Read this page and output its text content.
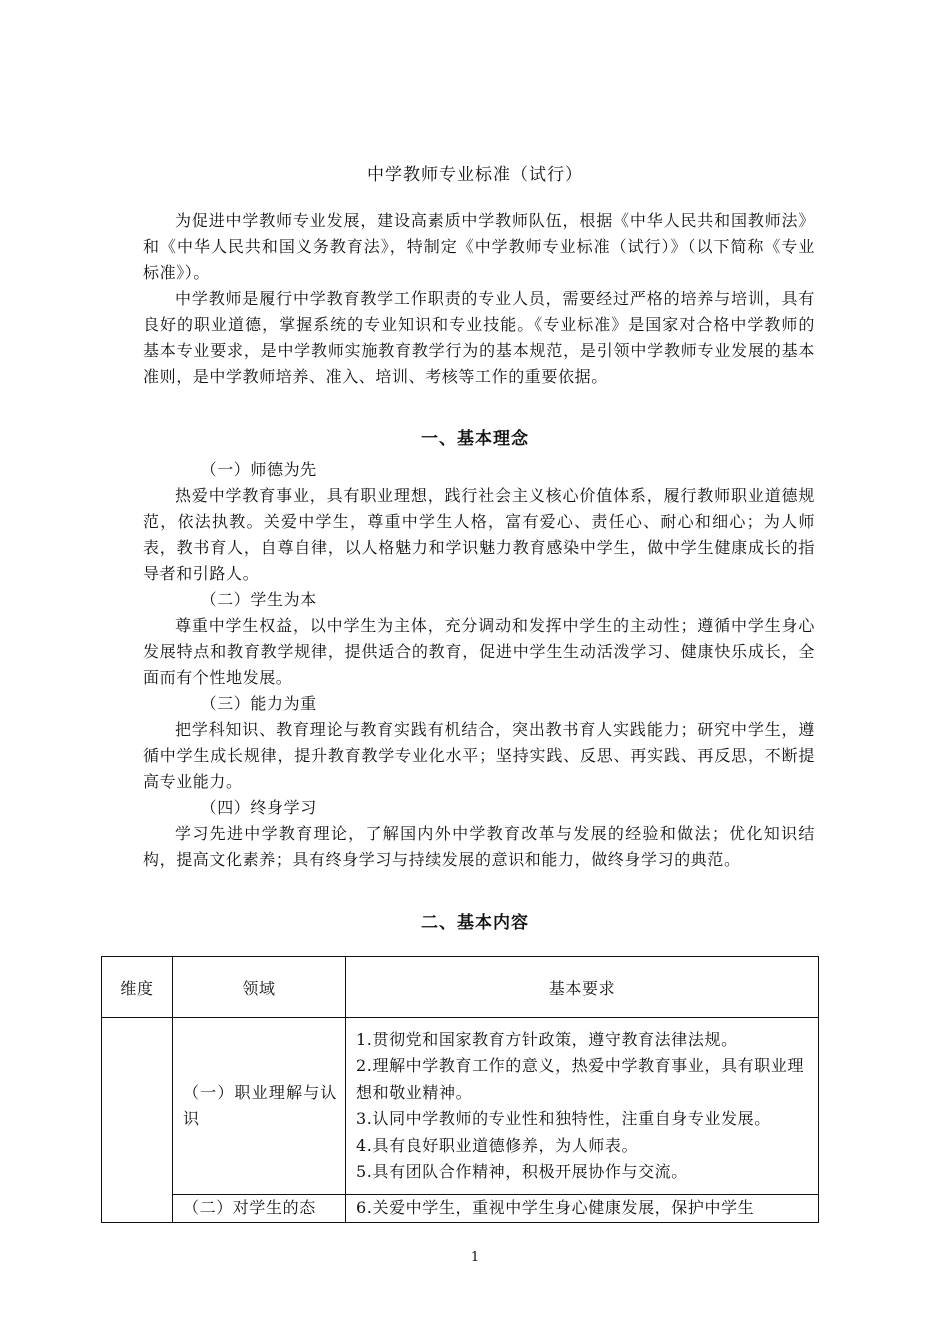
中学教师专业标准（试行）

为促进中学教师专业发展，建设高素质中学教师队伍，根据《中华人民共和国教师法》和《中华人民共和国义务教育法》，特制定《中学教师专业标准（试行）》（以下简称《专业标准》）。

中学教师是履行中学教育教学工作职责的专业人员，需要经过严格的培养与培训，具有良好的职业道德，掌握系统的专业知识和专业技能。《专业标准》是国家对合格中学教师的基本专业要求，是中学教师实施教育教学行为的基本规范，是引领中学教师专业发展的基本准则，是中学教师培养、准入、培训、考核等工作的重要依据。

一、基本理念

（一）师德为先

热爱中学教育事业，具有职业理想，践行社会主义核心价值体系，履行教师职业道德规范，依法执教。关爱中学生，尊重中学生人格，富有爱心、责任心、耐心和细心；为人师表，教书育人，自尊自律，以人格魅力和学识魅力教育感染中学生，做中学生健康成长的指导者和引路人。

（二）学生为本

尊重中学生权益，以中学生为主体，充分调动和发挥中学生的主动性；遵循中学生身心发展特点和教育教学规律，提供适合的教育，促进中学生生动活泼学习、健康快乐成长，全面而有个性地发展。

（三）能力为重

把学科知识、教育理论与教育实践有机结合，突出教书育人实践能力；研究中学生，遵循中学生成长规律，提升教育教学专业化水平；坚持实践、反思、再实践、再反思，不断提高专业能力。

（四）终身学习

学习先进中学教育理论，了解国内外中学教育改革与发展的经验和做法；优化知识结构，提高文化素养；具有终身学习与持续发展的意识和能力，做终身学习的典范。

二、基本内容
维度	领域	基本要求
	（一）职业理解与认识	1.贯彻党和国家教育方针政策，遵守教育法律法规。

2.理解中学教育工作的意义，热爱中学教育事业，具有职业理想和敬业精神。

3.认同中学教师的专业性和独特性，注重自身专业发展。

4.具有良好职业道德修养，为人师表。

5.具有团队合作精神，积极开展协作与交流。

	（二）对学生的态	6.关爱中学生，重视中学生身心健康发展，保护中学生

1
